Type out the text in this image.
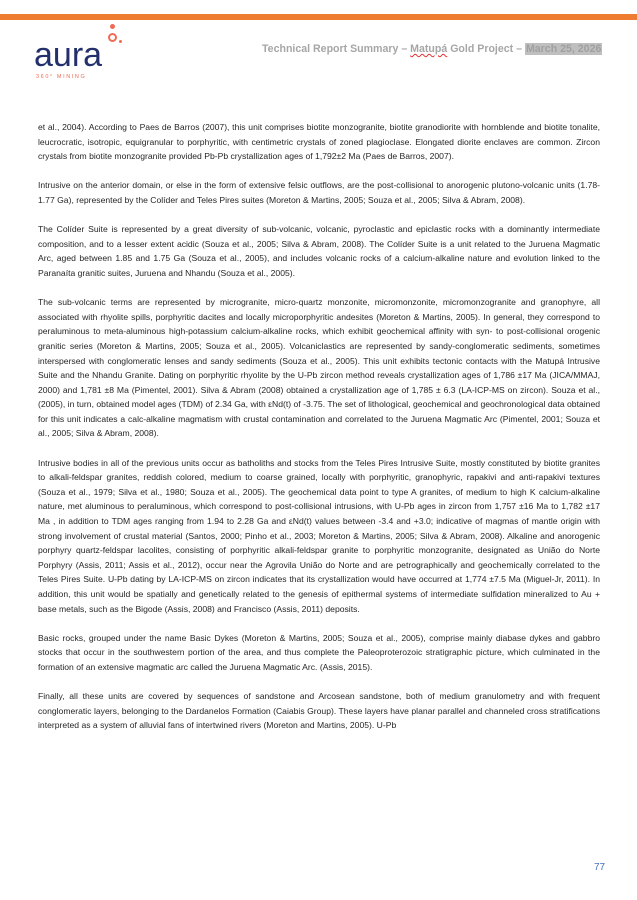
aura
360° MINING
Technical Report Summary – Matupá Gold Project – March 25, 2026

et al., 2004). According to Paes de Barros (2007), this unit comprises biotite monzogranite, biotite granodiorite with hornblende and biotite tonalite, leucrocratic, isotropic, equigranular to porphyritic, with centimetric crystals of zoned plagioclase. Elongated diorite enclaves are common. Zircon crystals from biotite monzogranite provided Pb-Pb crystallization ages of 1,792±2 Ma (Paes de Barros, 2007).

Intrusive on the anterior domain, or else in the form of extensive felsic outflows, are the post-collisional to anorogenic plutono-volcanic units (1.78-1.77 Ga), represented by the Colíder and Teles Pires suites (Moreton & Martins, 2005; Souza et al., 2005; Silva & Abram, 2008).

The Colíder Suite is represented by a great diversity of sub-volcanic, volcanic, pyroclastic and epiclastic rocks with a dominantly intermediate composition, and to a lesser extent acidic (Souza et al., 2005; Silva & Abram, 2008). The Colíder Suite is a unit related to the Juruena Magmatic Arc, aged between 1.85 and 1.75 Ga (Souza et al., 2005), and includes volcanic rocks of a calcium-alkaline nature and evolution linked to the Paranaíta granitic suites, Juruena and Nhandu (Souza et al., 2005).

The sub-volcanic terms are represented by microgranite, micro-quartz monzonite, micromonzonite, micromonzogranite and granophyre, all associated with rhyolite spills, porphyritic dacites and locally microporphyritic andesites (Moreton & Martins, 2005). In general, they correspond to peraluminous to meta-aluminous high-potassium calcium-alkaline rocks, which exhibit geochemical affinity with syn- to post-collisional orogenic granitic series (Moreton & Martins, 2005; Souza et al., 2005). Volcaniclastics are represented by sandy-conglomeratic sediments, sometimes interspersed with conglomeratic lenses and sandy sediments (Souza et al., 2005). This unit exhibits tectonic contacts with the Matupá Intrusive Suite and the Nhandu Granite. Dating on porphyritic rhyolite by the U-Pb zircon method reveals crystallization ages of 1,786 ±17 Ma (JICA/MMAJ, 2000) and 1,781 ±8 Ma (Pimentel, 2001). Silva & Abram (2008) obtained a crystallization age of 1,785 ± 6.3 (LA-ICP-MS on zircon). Souza et al., (2005), in turn, obtained model ages (TDM) of 2.34 Ga, with εNd(t) of -3.75. The set of lithological, geochemical and geochronological data obtained for this unit indicates a calc-alkaline magmatism with crustal contamination and correlated to the Juruena Magmatic Arc (Pimentel, 2001; Souza et al., 2005; Silva & Abram, 2008).

Intrusive bodies in all of the previous units occur as batholiths and stocks from the Teles Pires Intrusive Suite, mostly constituted by biotite granites to alkali-feldspar granites, reddish colored, medium to coarse grained, locally with porphyritic, granophyric, rapakivi and anti-rapakivi textures (Souza et al., 1979; Silva et al., 1980; Souza et al., 2005). The geochemical data point to type A granites, of medium to high K calcium-alkaline nature, met aluminous to peraluminous, which correspond to post-collisional intrusions, with U-Pb ages in zircon from 1,757 ±16 Ma to 1,782 ±17 Ma , in addition to TDM ages ranging from 1.94 to 2.28 Ga and εNd(t) values between -3.4 and +3.0; indicative of magmas of mantle origin with strong involvement of crustal material (Santos, 2000; Pinho et al., 2003; Moreton & Martins, 2005; Silva & Abram, 2008). Alkaline and anorogenic porphyry quartz-feldspar lacolites, consisting of porphyritic alkali-feldspar granite to porphyritic monzogranite, designated as União do Norte Porphyry (Assis, 2011; Assis et al., 2012), occur near the Agrovila União do Norte and are petrographically and geochemically correlated to the Teles Pires Suite. U-Pb dating by LA-ICP-MS on zircon indicates that its crystallization would have occurred at 1,774 ±7.5 Ma (Miguel-Jr, 2011). In addition, this unit would be spatially and genetically related to the genesis of epithermal systems of intermediate sulfidation mineralized to Au + base metals, such as the Bigode (Assis, 2008) and Francisco (Assis, 2011) deposits.

Basic rocks, grouped under the name Basic Dykes (Moreton & Martins, 2005; Souza et al., 2005), comprise mainly diabase dykes and gabbro stocks that occur in the southwestern portion of the area, and thus complete the Paleoproterozoic stratigraphic picture, which culminated in the formation of an extensive magmatic arc called the Juruena Magmatic Arc. (Assis, 2015).

Finally, all these units are covered by sequences of sandstone and Arcosean sandstone, both of medium granulometry and with frequent conglomeratic layers, belonging to the Dardanelos Formation (Caiabis Group). These layers have planar parallel and channeled cross stratifications interpreted as a system of alluvial fans of intertwined rivers (Moreton and Martins, 2005). U-Pb

77
